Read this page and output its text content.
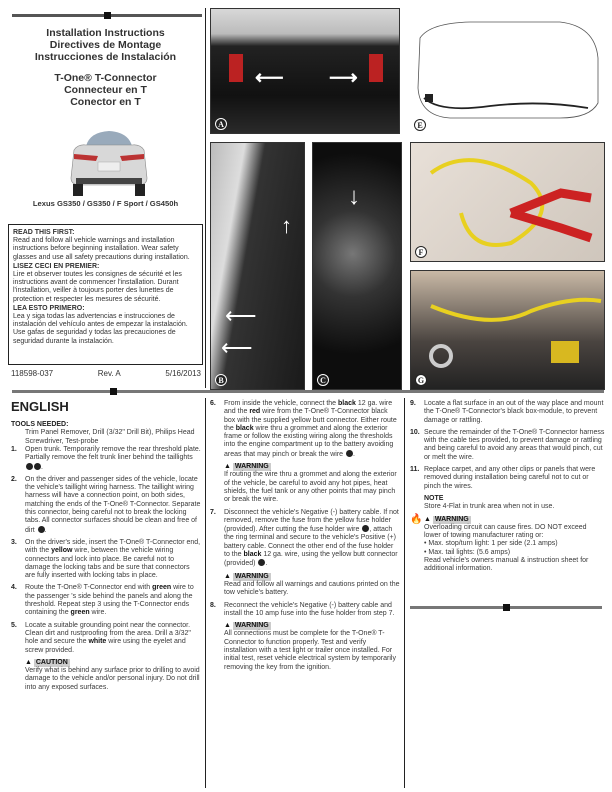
Installation Instructions
Directives de Montage
Instrucciones de Instalación
T-One® T-Connector
Connecteur en T
Conector en T
Lexus GS350 / GS350 / F Sport / GS450h
READ THIS FIRST:
Read and follow all vehicle warnings and installation instructions before beginning installation. Wear safety glasses and use all safety precautions during installation.
LISEZ CECI EN PREMIER:
Lire et observer toutes les consignes de sécurité et les instructions avant de commencer l'installation. Durant l'installation, veiller à toujours porter des lunettes de protection et respecter les mesures de sécurité.
LEA ESTO PRIMERO:
Lea y siga todas las advertencias e instrucciones de instalación del vehículo antes de empezar la instalación. Use gafas de seguridad y todas las precauciones de seguridad durante la instalación.
118598-037	Rev. A	5/16/2013
⟵ ⟶
A	E
↑
⟵
⟵
B
↓
C
F
G
ENGLISH
TOOLS NEEDED:
Trim Panel Remover, Drill (3/32" Drill Bit), Philips Head Screwdriver, Test-probe
1.	Open trunk. Temporarily remove the rear threshold plate. Partially remove the felt trunk liner behind the taillights .
2.	On the driver and passenger sides of the vehicle, locate the vehicle's taillight wiring harness. The taillight wiring harness will have a connection point, on both sides, matching the ends of the T-One® T-Connector. Separate this connector, being careful not to break the locking tabs. All connector surfaces should be clean and free of dirt .
3.	On the driver's side, insert the T-One® T-Connector end, with the yellow wire, between the vehicle wiring connectors and lock into place. Be careful not to damage the locking tabs and be sure that connectors are fully inserted with locking tabs in place.
4.	Route the T-One® T-Connector end with green wire to the passenger 's side behind the panels and along the threshold. Repeat step 3 using the T-Connector ends containing the green wire.
5.	Locate a suitable grounding point near the connector. Clean dirt and rustproofing from the area. Drill a 3/32" hole and secure the white wire using the eyelet and screw provided.
▲ CAUTION
Verify what is behind any surface prior to drilling to avoid damage to the vehicle and/or personal injury. Do not drill into any exposed surfaces.
6.	From inside the vehicle, connect the black 12 ga. wire and the red wire from the T-One® T-Connector black box with the supplied yellow butt connector. Either route the black wire thru a grommet and along the exterior frame or follow the existing wiring along the thresholds into the engine compartment up to the battery avoiding areas that may pinch or break the wire .
▲ WARNING
If routing the wire thru a grommet and along the exterior of the vehicle, be careful to avoid any hot pipes, heat shields, the fuel tank or any other points that may pinch or break the wire.
7.	Disconnect the vehicle's Negative (-) battery cable. If not removed, remove the fuse from the yellow fuse holder (provided). After cutting the fuse holder wire , attach the ring terminal and secure to the vehicle's Positive (+) battery cable. Connect the other end of the fuse holder to the black 12 ga. wire, using the yellow butt connector (provided) .
▲ WARNING
Read and follow all warnings and cautions printed on the tow vehicle's battery.
8.	Reconnect the vehicle's Negative (-) battery cable and install the 10 amp fuse into the fuse holder from step 7.
▲ WARNING
All connections must be complete for the T-One® T-Connector to function properly. Test and verify installation with a test light or trailer once installed. For initial test, reset vehicle electrical system by temporarily removing the key from the ignition.
9.	Locate a flat surface in an out of the way place and mount the T-One® T-Connector's black box-module, to prevent damage or rattling.
10. Secure the remainder of the T-One® T-Connector harness with the cable ties provided, to prevent damage or rattling and being careful to avoid any areas that would pinch, cut or melt the wire.
11. Replace carpet, and any other clips or panels that were removed during installation being careful not to cut or pinch the wires.
NOTE
Store 4-Flat in trunk area when not in use.
🔥 ▲ WARNING
Overloading circuit can cause fires. DO NOT exceed lower of towing manufacturer rating or:
• Max. stop/turn light: 1 per side (2.1 amps)
• Max. tail lights: (5.6 amps)
Read vehicle's owners manual & instruction sheet for additional information.
